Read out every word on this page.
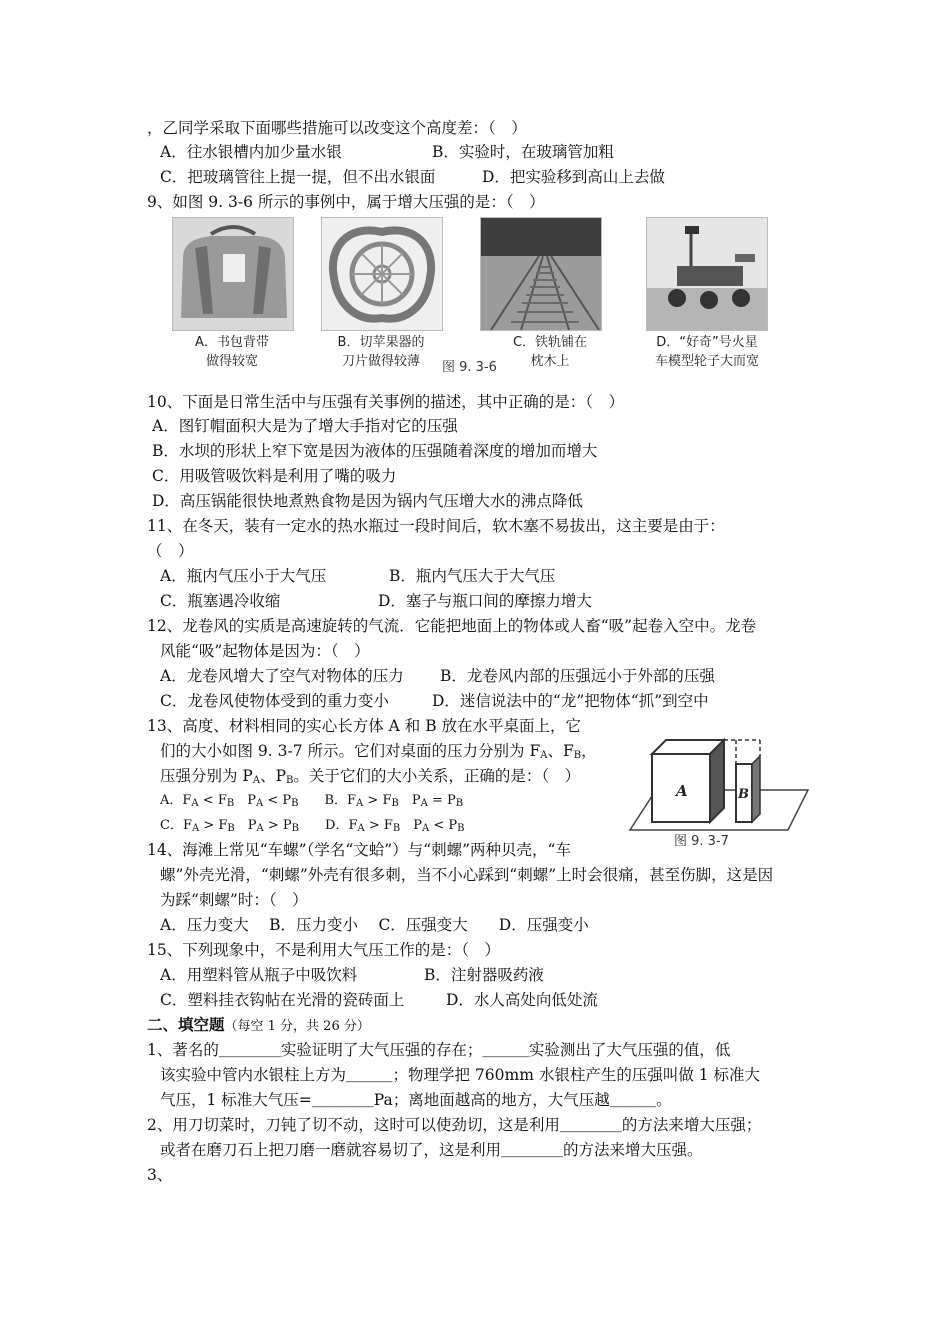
，乙同学采取下面哪些措施可以改变这个高度差：（　）
A．往水银槽内加少量水银	B．实验时，在玻璃管加粗
C．把玻璃管往上提一提，但不出水银面	D．把实验移到高山上去做
9、如图 9. 3-6 所示的事例中，属于增大压强的是：（　）
A．书包背带
做得较宽
B．切苹果器的
刀片做得较薄	图 9. 3-6
C．铁轨铺在
枕木上
D．“好奇”号火星
车模型轮子大而宽
10、下面是日常生活中与压强有关事例的描述，其中正确的是：（　）
A．图钉帽面积大是为了增大手指对它的压强
B．水坝的形状上窄下宽是因为液体的压强随着深度的增加而增大
C．用吸管吸饮料是利用了嘴的吸力
D．高压锅能很快地煮熟食物是因为锅内气压增大水的沸点降低
11、在冬天，装有一定水的热水瓶过一段时间后，软木塞不易拔出，这主要是由于：
（　）
A．瓶内气压小于大气压	B．瓶内气压大于大气压
C．瓶塞遇冷收缩	D．塞子与瓶口间的摩擦力增大
12、龙卷风的实质是高速旋转的气流．它能把地面上的物体或人畜“吸”起卷入空中。龙卷
风能“吸”起物体是因为：（　）
A．龙卷风增大了空气对物体的压力 B．龙卷风内部的压强远小于外部的压强
C．龙卷风使物体受到的重力变小	D．迷信说法中的“龙”把物体“抓”到空中
13、高度、材料相同的实心长方体 A 和 B 放在水平桌面上，它
们的大小如图 9. 3-7 所示。它们对桌面的压力分别为 $F_A$、$F_B$，
压强分别为 $P_A$、$P_B$。关于它们的大小关系，正确的是：（　）
A．$F_A < F_B$　$P_A < P_B$　　B．$F_A > F_B$　$P_A = P_B$
C．$F_A > F_B$　$P_A > P_B$　　D．$F_A > F_B$　$P_A < P_B$
A	B
图 9. 3-7
14、海滩上常见“车螺”（学名“文蛤”）与“刺螺”两种贝壳，“车
螺”外壳光滑，“刺螺”外壳有很多刺，当不小心踩到“刺螺”上时会很痛，甚至伤脚，这是因
为踩“刺螺”时：（　）
A．压力变大　 B．压力变小　 C．压强变大　　D．压强变小
15、下列现象中，不是利用大气压工作的是：（　）
A．用塑料管从瓶子中吸饮料	B．注射器吸药液
C．塑料挂衣钩帖在光滑的瓷砖面上	D．水人高处向低处流
二、填空题（每空 1 分，共 26 分）
1、著名的＿＿＿＿实验证明了大气压强的存在；＿＿＿实验测出了大气压强的值，低
该实验中管内水银柱上方为＿＿＿；物理学把 760mm 水银柱产生的压强叫做 1 标准大
气压，1 标准大气压=＿＿＿＿Pa；离地面越高的地方，大气压越＿＿＿。
2、用刀切菜时，刀钝了切不动，这时可以使劲切，这是利用＿＿＿＿的方法来增大压强；
或者在磨刀石上把刀磨一磨就容易切了，这是利用＿＿＿＿的方法来增大压强。
3、
